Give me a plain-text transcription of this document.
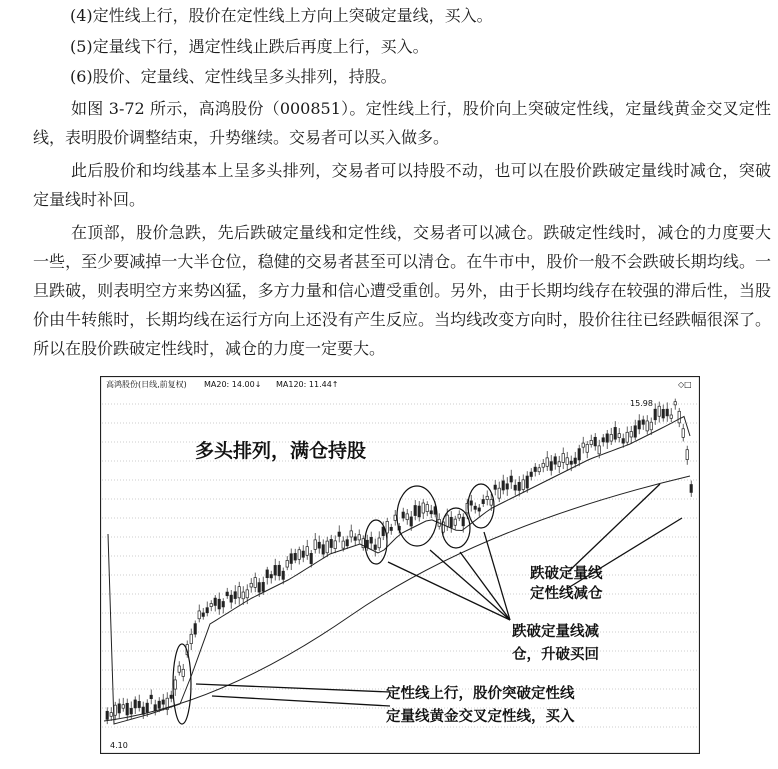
(4)定性线上行，股价在定性线上方向上突破定量线，买入。
(5)定量线下行，遇定性线止跌后再度上行，买入。
(6)股价、定量线、定性线呈多头排列，持股。
如图 3-72 所示，高鸿股份（000851）。定性线上行，股价向上突破定性线，定量线黄金交叉定性线，表明股价调整结束，升势继续。交易者可以买入做多。
此后股价和均线基本上呈多头排列，交易者可以持股不动，也可以在股价跌破定量线时减仓，突破定量线时补回。
在顶部，股价急跌，先后跌破定量线和定性线，交易者可以减仓。跌破定性线时，减仓的力度要大一些，至少要减掉一大半仓位，稳健的交易者甚至可以清仓。在牛市中，股价一般不会跌破长期均线。一旦跌破，则表明空方来势凶猛，多方力量和信心遭受重创。另外，由于长期均线存在较强的滞后性，当股价由牛转熊时，长期均线在运行方向上还没有产生反应。当均线改变方向时，股价往往已经跌幅很深了。所以在股价跌破定性线时，减仓的力度一定要大。
高鸿股份(日线,前复权) MA20: 14.00↓ MA120: 11.44↑	◇□
15.98
4.10
多头排列，满仓持股
跌破定量线
定性线减仓
跌破定量线减
仓，升破买回
定性线上行，股价突破定性线
定量线黄金交叉定性线，买入
